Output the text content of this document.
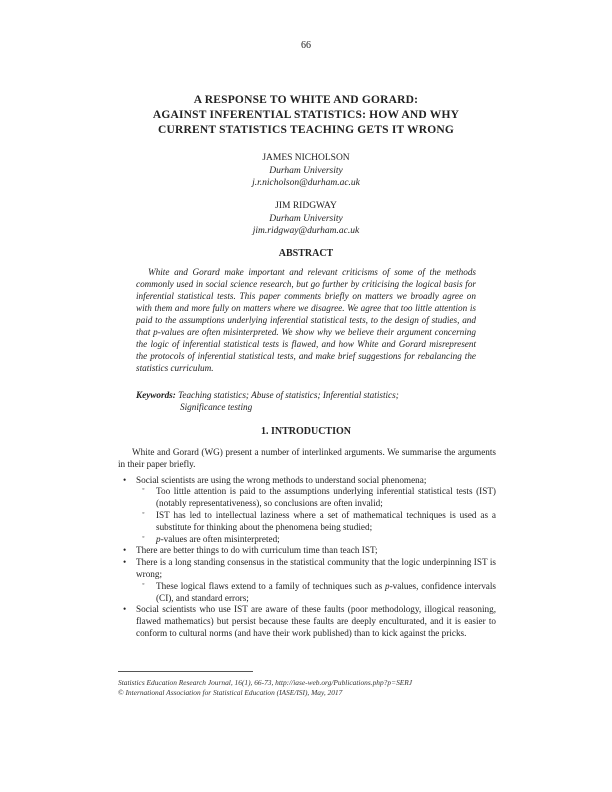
66
A RESPONSE TO WHITE AND GORARD:
AGAINST INFERENTIAL STATISTICS: HOW AND WHY
CURRENT STATISTICS TEACHING GETS IT WRONG
JAMES NICHOLSON
Durham University
j.r.nicholson@durham.ac.uk
JIM RIDGWAY
Durham University
jim.ridgway@durham.ac.uk
ABSTRACT
White and Gorard make important and relevant criticisms of some of the methods commonly used in social science research, but go further by criticising the logical basis for inferential statistical tests. This paper comments briefly on matters we broadly agree on with them and more fully on matters where we disagree. We agree that too little attention is paid to the assumptions underlying inferential statistical tests, to the design of studies, and that p-values are often misinterpreted. We show why we believe their argument concerning the logic of inferential statistical tests is flawed, and how White and Gorard misrepresent the protocols of inferential statistical tests, and make brief suggestions for rebalancing the statistics curriculum.
Keywords: Teaching statistics; Abuse of statistics; Inferential statistics;
Significance testing
1. INTRODUCTION

White and Gorard (WG) present a number of interlinked arguments. We summarise the arguments in their paper briefly.

• Social scientists are using the wrong methods to understand social phenomena;
◦ Too little attention is paid to the assumptions underlying inferential statistical tests (IST) (notably representativeness), so conclusions are often invalid;
◦ IST has led to intellectual laziness where a set of mathematical techniques is used as a substitute for thinking about the phenomena being studied;
◦ p-values are often misinterpreted;
• There are better things to do with curriculum time than teach IST;
• There is a long standing consensus in the statistical community that the logic underpinning IST is wrong;
◦ These logical flaws extend to a family of techniques such as p-values, confidence intervals (CI), and standard errors;
• Social scientists who use IST are aware of these faults (poor methodology, illogical reasoning, flawed mathematics) but persist because these faults are deeply enculturated, and it is easier to conform to cultural norms (and have their work published) than to kick against the pricks.
Statistics Education Research Journal, 16(1), 66-73, http://iase-web.org/Publications.php?p=SERJ
© International Association for Statistical Education (IASE/ISI), May, 2017
